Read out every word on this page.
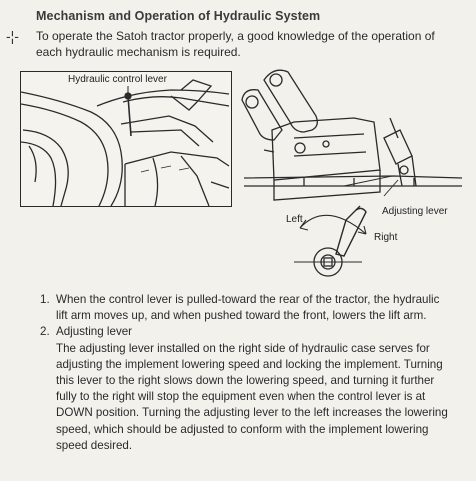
Mechanism and Operation of Hydraulic System
-¦- To operate the Satoh tractor properly, a good knowledge of the operation of each hydraulic mechanism is required.
Hydraulic control lever
Adjusting lever
Left
Right
1. When the control lever is pulled-toward the rear of the tractor, the hydraulic lift arm moves up, and when pushed toward the front, lowers the lift arm.

2. Adjusting lever

The adjusting lever installed on the right side of hydraulic case serves for adjusting the implement lowering speed and locking the implement. Turning this lever to the right slows down the lowering speed, and turning it further fully to the right will stop the equipment even when the control lever is at DOWN position. Turning the adjusting lever to the left increases the lowering speed, which should be adjusted to conform with the implement lowering speed desired.
